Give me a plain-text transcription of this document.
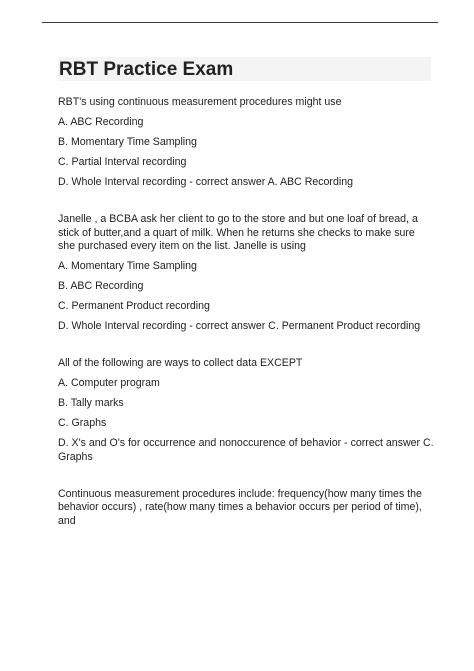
RBT Practice Exam

RBT's using continuous measurement procedures might use

A. ABC Recording

B. Momentary Time Sampling

C. Partial Interval recording

D. Whole Interval recording - correct answer A. ABC Recording

Janelle , a BCBA ask her client to go to the store and but one loaf of bread, a stick of butter,and a quart of milk. When he returns she checks to make sure she purchased every item on the list. Janelle is using

A. Momentary Time Sampling

B. ABC Recording

C. Permanent Product recording

D. Whole Interval recording - correct answer C. Permanent Product recording

All of the following are ways to collect data EXCEPT

A. Computer program

B. Tally marks

C. Graphs

D. X's and O's for occurrence and nonoccurence of behavior - correct answer C. Graphs

Continuous measurement procedures include: frequency(how many times the behavior occurs) , rate(how many times a behavior occurs per period of time), and
